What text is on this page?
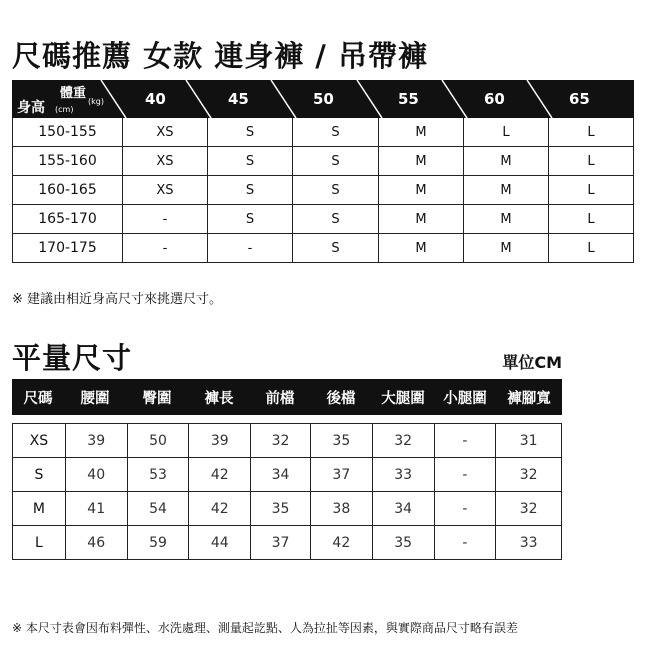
尺碼推薦 女款 連身褲 / 吊帶褲
體重
(kg)
身高 (cm)
40	45	50	55	60	65
150-155	XS	S	S	M	L	L
155-160	XS	S	S	M	M	L
160-165	XS	S	S	M	M	L
165-170	-	S	S	M	M	L
170-175	-	-	S	M	M	L
※ 建議由相近身高尺寸來挑選尺寸。
平量尺寸	單位CM
尺碼	腰圍	臀圍	褲長	前檔	後檔	大腿圍	小腿圍	褲腳寬
XS	39	50	39	32	35	32	-	31
S	40	53	42	34	37	33	-	32
M	41	54	42	35	38	34	-	32
L	46	59	44	37	42	35	-	33
※ 本尺寸表會因布料彈性、水洗處理、測量起訖點、人為拉扯等因素，與實際商品尺寸略有誤差
